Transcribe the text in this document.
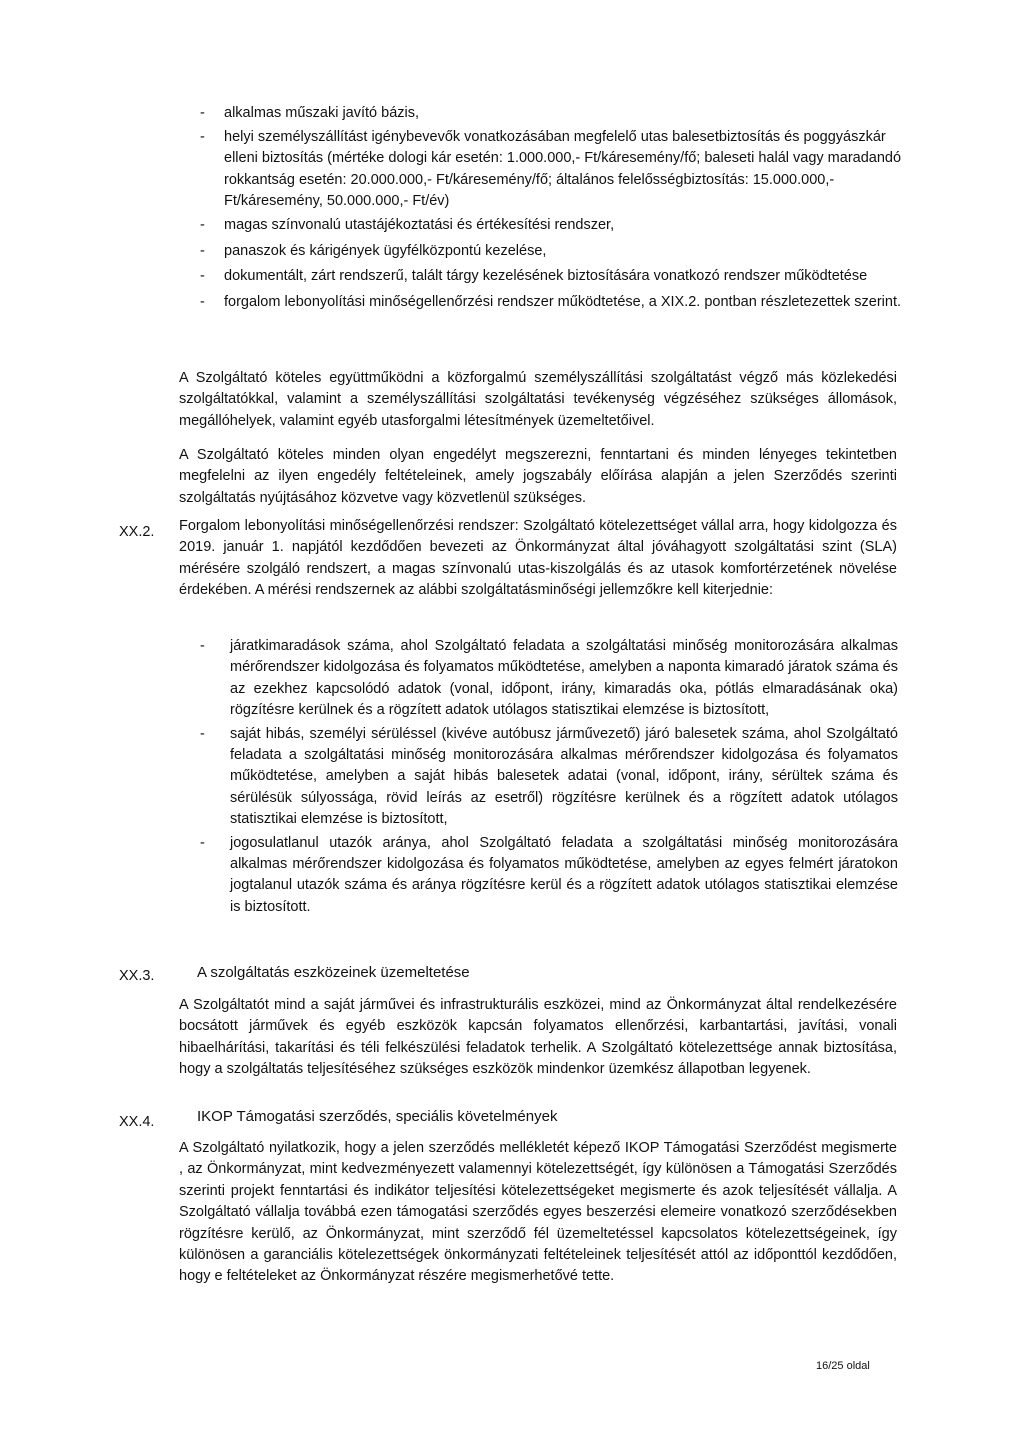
- alkalmas műszaki javító bázis,
- helyi személyszállítást igénybevevők vonatkozásában megfelelő utas balesetbiztosítás és poggyászkár elleni biztosítás (mértéke dologi kár esetén: 1.000.000,- Ft/káresemény/fő; baleseti halál vagy maradandó rokkantság esetén: 20.000.000,- Ft/káresemény/fő; általános felelősségbiztosítás: 15.000.000,- Ft/káresemény, 50.000.000,- Ft/év)
- magas színvonalú utastájékoztatási és értékesítési rendszer,
- panaszok és kárigények ügyfélközpontú kezelése,
- dokumentált, zárt rendszerű, talált tárgy kezelésének biztosítására vonatkozó rendszer működtetése
- forgalom lebonyolítási minőségellenőrzési rendszer működtetése, a XIX.2. pontban részletezettek szerint.

A Szolgáltató köteles együttműködni a közforgalmú személyszállítási szolgáltatást végző más közlekedési szolgáltatókkal, valamint a személyszállítási szolgáltatási tevékenység végzéséhez szükséges állomások, megállóhelyek, valamint egyéb utasforgalmi létesítmények üzemeltetőivel.

A Szolgáltató köteles minden olyan engedélyt megszerezni, fenntartani és minden lényeges tekintetben megfelelni az ilyen engedély feltételeinek, amely jogszabály előírása alapján a jelen Szerződés szerinti szolgáltatás nyújtásához közvetve vagy közvetlenül szükséges.

XX.2. Forgalom lebonyolítási minőségellenőrzési rendszer: Szolgáltató kötelezettséget vállal arra, hogy kidolgozza és 2019. január 1. napjától kezdődően bevezeti az Önkormányzat által jóváhagyott szolgáltatási szint (SLA) mérésére szolgáló rendszert, a magas színvonalú utas-kiszolgálás és az utasok komfortérzetének növelése érdekében. A mérési rendszernek az alábbi szolgáltatásminőségi jellemzőkre kell kiterjednie:

- járatkimaradások száma, ahol Szolgáltató feladata a szolgáltatási minőség monitorozására alkalmas mérőrendszer kidolgozása és folyamatos működtetése, amelyben a naponta kimaradó járatok száma és az ezekhez kapcsolódó adatok (vonal, időpont, irány, kimaradás oka, pótlás elmaradásának oka) rögzítésre kerülnek és a rögzített adatok utólagos statisztikai elemzése is biztosított,
- saját hibás, személyi sérüléssel (kivéve autóbusz járművezető) járó balesetek száma, ahol Szolgáltató feladata a szolgáltatási minőség monitorozására alkalmas mérőrendszer kidolgozása és folyamatos működtetése, amelyben a saját hibás balesetek adatai (vonal, időpont, irány, sérültek száma és sérülésük súlyossága, rövid leírás az esetről) rögzítésre kerülnek és a rögzített adatok utólagos statisztikai elemzése is biztosított,
- jogosulatlanul utazók aránya, ahol Szolgáltató feladata a szolgáltatási minőség monitorozására alkalmas mérőrendszer kidolgozása és folyamatos működtetése, amelyben az egyes felmért járatokon jogtalanul utazók száma és aránya rögzítésre kerül és a rögzített adatok utólagos statisztikai elemzése is biztosított.
XX.3.	A szolgáltatás eszközeinek üzemeltetése

A Szolgáltatót mind a saját járművei és infrastrukturális eszközei, mind az Önkormányzat által rendelkezésére bocsátott járművek és egyéb eszközök kapcsán folyamatos ellenőrzési, karbantartási, javítási, vonali hibaelhárítási, takarítási és téli felkészülési feladatok terhelik. A Szolgáltató kötelezettsége annak biztosítása, hogy a szolgáltatás teljesítéséhez szükséges eszközök mindenkor üzemkész állapotban legyenek.

XX.4.	IKOP Támogatási szerződés, speciális követelmények

A Szolgáltató nyilatkozik, hogy a jelen szerződés mellékletét képező IKOP Támogatási Szerződést megismerte , az Önkormányzat, mint kedvezményezett valamennyi kötelezettségét, így különösen a Támogatási Szerződés szerinti projekt fenntartási és indikátor teljesítési kötelezettségeket megismerte és azok teljesítését vállalja. A Szolgáltató vállalja továbbá ezen támogatási szerződés egyes beszerzési elemeire vonatkozó szerződésekben rögzítésre kerülő, az Önkormányzat, mint szerződő fél üzemeltetéssel kapcsolatos kötelezettségeinek, így különösen a garanciális kötelezettségek önkormányzati feltételeinek teljesítését attól az időponttól kezdődően, hogy e feltételeket az Önkormányzat részére megismerhetővé tette.

16/25 oldal
